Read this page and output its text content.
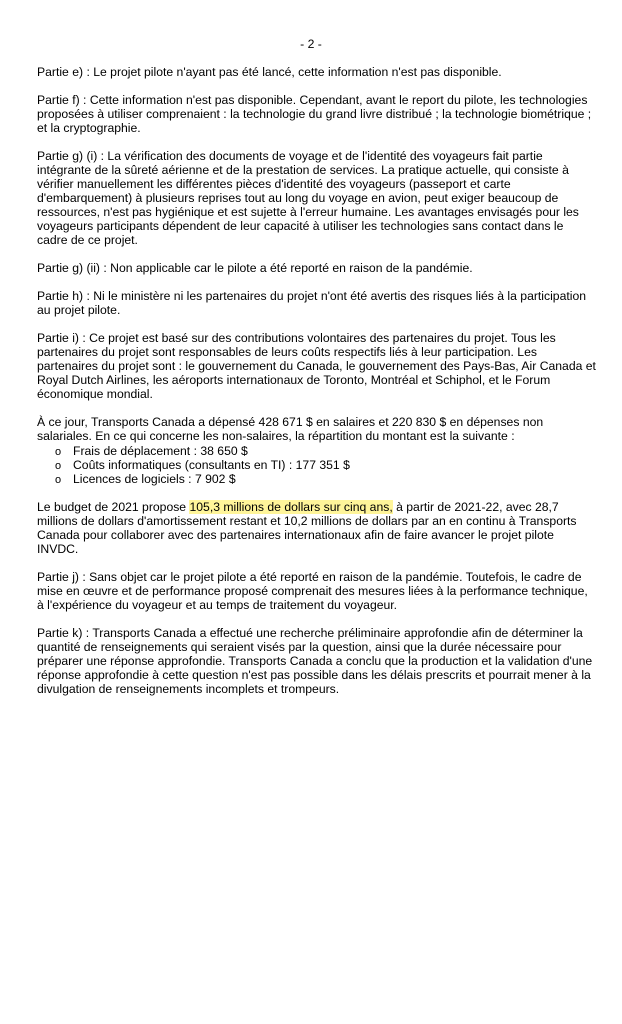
- 2 -

Partie e) : Le projet pilote n'ayant pas été lancé, cette information n'est pas disponible.

Partie f) : Cette information n'est pas disponible. Cependant, avant le report du pilote, les technologies proposées à utiliser comprenaient : la technologie du grand livre distribué ; la technologie biométrique ; et la cryptographie.

Partie g) (i) : La vérification des documents de voyage et de l'identité des voyageurs fait partie intégrante de la sûreté aérienne et de la prestation de services. La pratique actuelle, qui consiste à vérifier manuellement les différentes pièces d'identité des voyageurs (passeport et carte d'embarquement) à plusieurs reprises tout au long du voyage en avion, peut exiger beaucoup de ressources, n'est pas hygiénique et est sujette à l'erreur humaine. Les avantages envisagés pour les voyageurs participants dépendent de leur capacité à utiliser les technologies sans contact dans le cadre de ce projet.

Partie g) (ii) : Non applicable car le pilote a été reporté en raison de la pandémie.

Partie h) : Ni le ministère ni les partenaires du projet n'ont été avertis des risques liés à la participation au projet pilote.

Partie i) : Ce projet est basé sur des contributions volontaires des partenaires du projet. Tous les partenaires du projet sont responsables de leurs coûts respectifs liés à leur participation. Les partenaires du projet sont : le gouvernement du Canada, le gouvernement des Pays-Bas, Air Canada et Royal Dutch Airlines, les aéroports internationaux de Toronto, Montréal et Schiphol, et le Forum économique mondial.

À ce jour, Transports Canada a dépensé 428 671 $ en salaires et 220 830 $ en dépenses non salariales. En ce qui concerne les non-salaires, la répartition du montant est la suivante :

o Frais de déplacement : 38 650 $
o Coûts informatiques (consultants en TI) : 177 351 $
o Licences de logiciels : 7 902 $

Le budget de 2021 propose 105,3 millions de dollars sur cinq ans, à partir de 2021-22, avec 28,7 millions de dollars d'amortissement restant et 10,2 millions de dollars par an en continu à Transports Canada pour collaborer avec des partenaires internationaux afin de faire avancer le projet pilote INVDC.

Partie j) : Sans objet car le projet pilote a été reporté en raison de la pandémie. Toutefois, le cadre de mise en œuvre et de performance proposé comprenait des mesures liées à la performance technique, à l'expérience du voyageur et au temps de traitement du voyageur.

Partie k) : Transports Canada a effectué une recherche préliminaire approfondie afin de déterminer la quantité de renseignements qui seraient visés par la question, ainsi que la durée nécessaire pour préparer une réponse approfondie. Transports Canada a conclu que la production et la validation d'une réponse approfondie à cette question n'est pas possible dans les délais prescrits et pourrait mener à la divulgation de renseignements incomplets et trompeurs.
